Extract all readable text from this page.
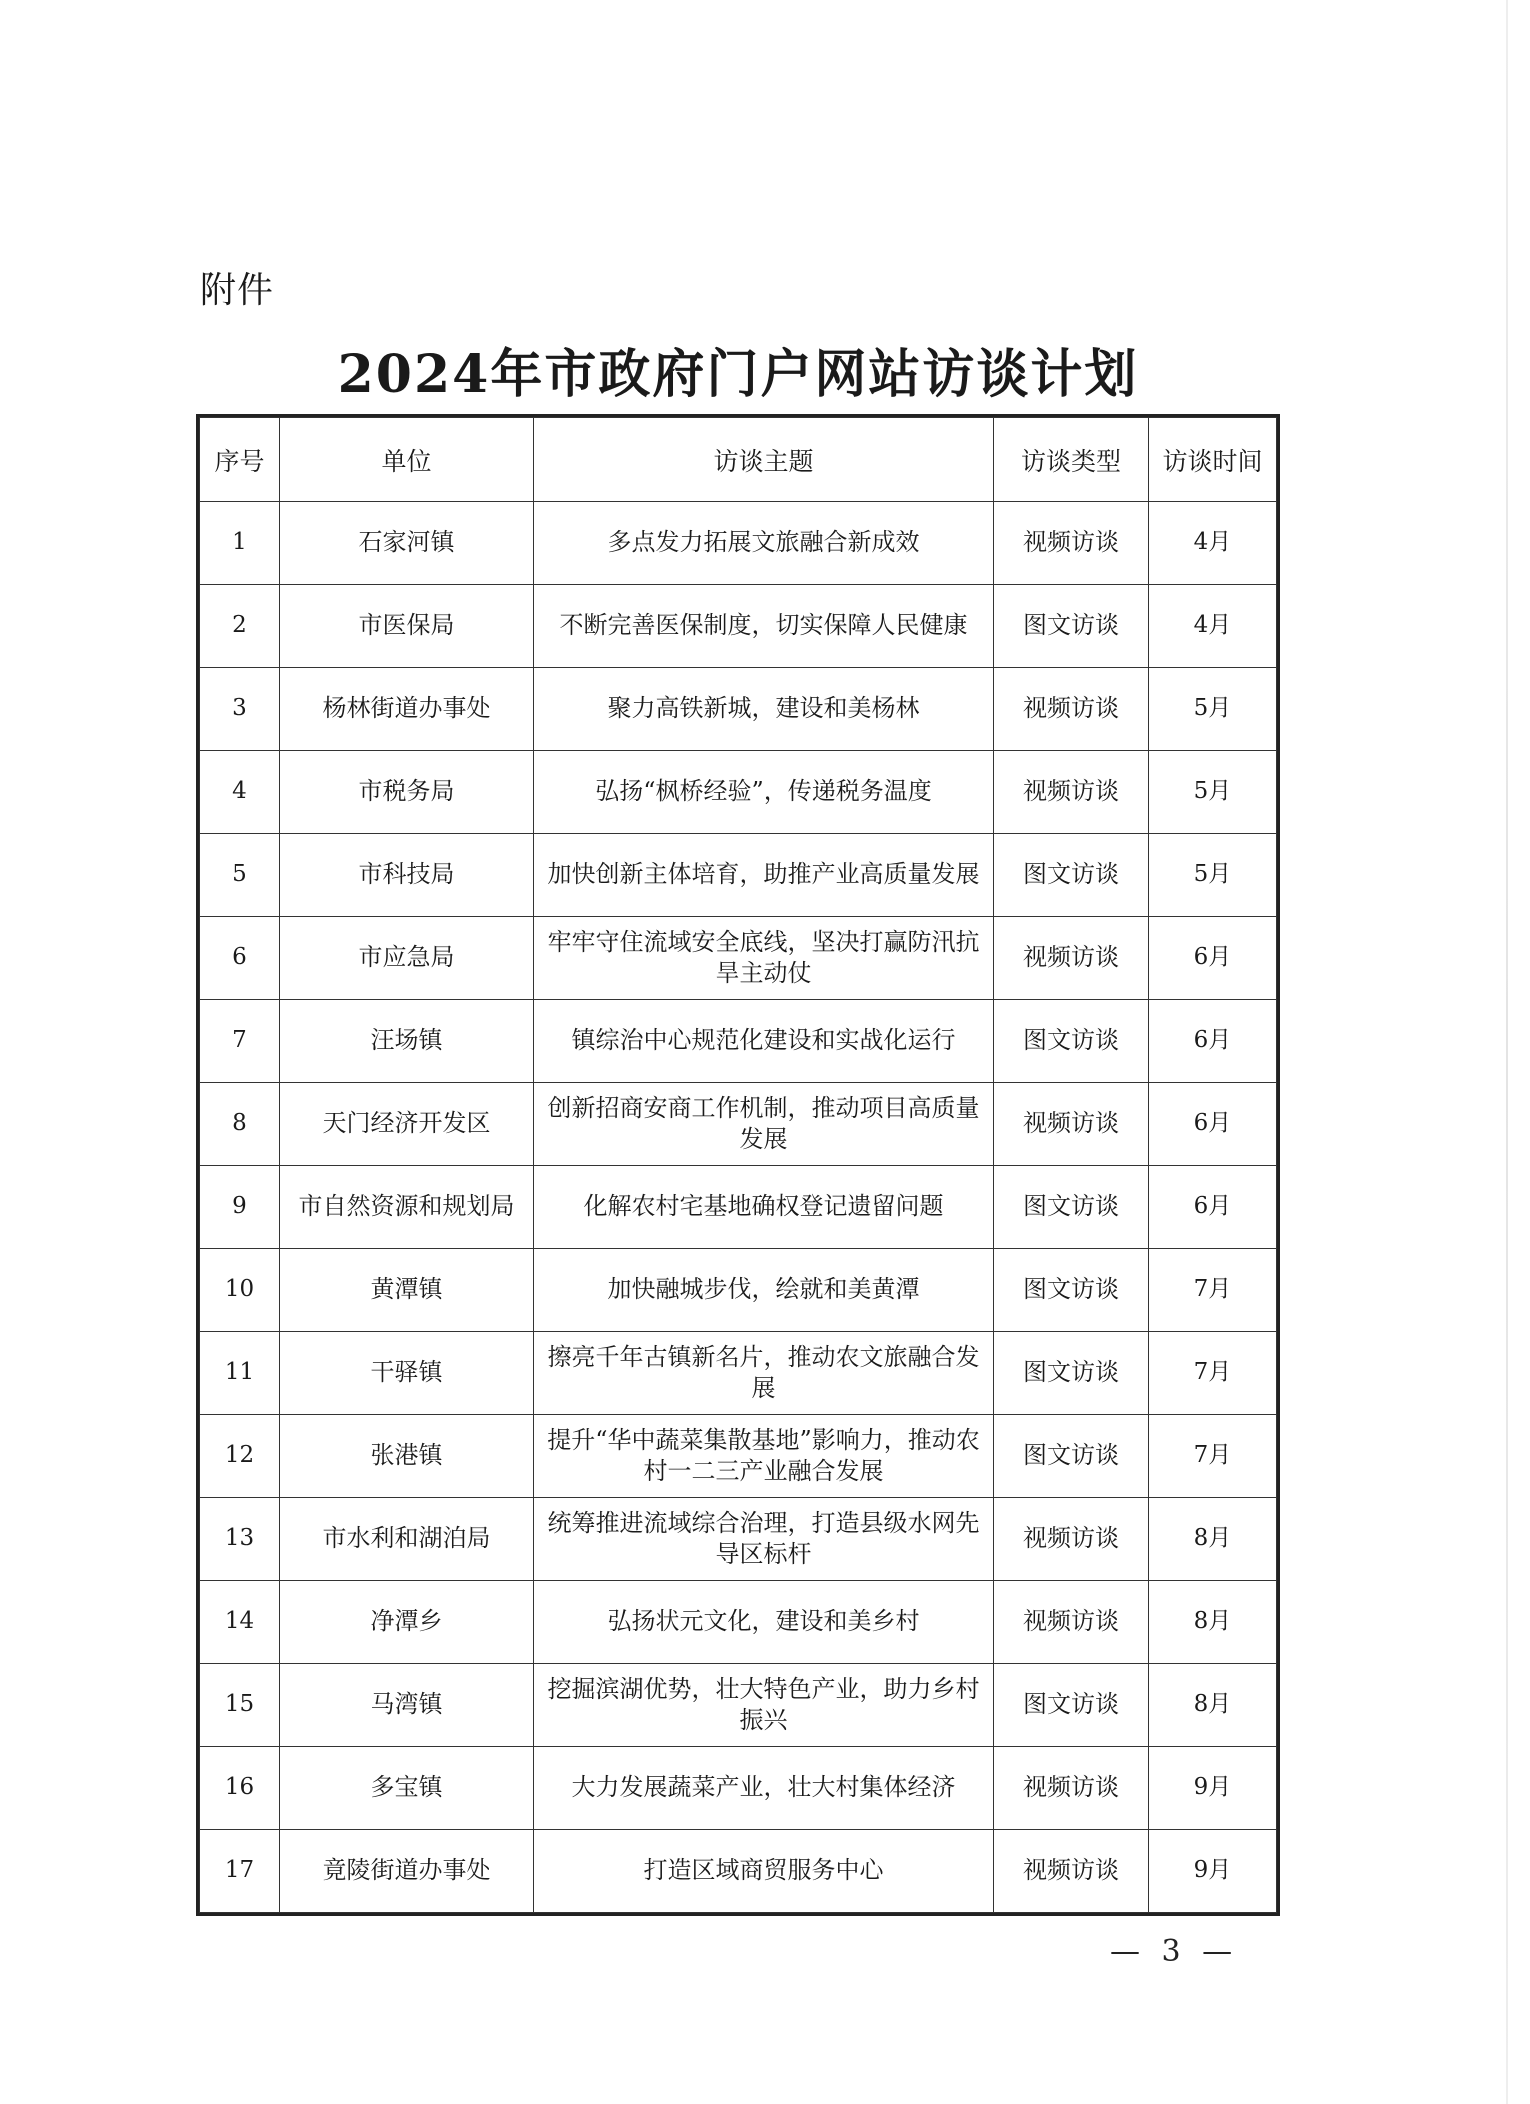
附件
2024年市政府门户网站访谈计划
序号	单位	访谈主题	访谈类型	访谈时间
1	石家河镇	多点发力拓展文旅融合新成效	视频访谈	4月
2	市医保局	不断完善医保制度，切实保障人民健康	图文访谈	4月
3	杨林街道办事处	聚力高铁新城，建设和美杨林	视频访谈	5月
4	市税务局	弘扬“枫桥经验”，传递税务温度	视频访谈	5月
5	市科技局	加快创新主体培育，助推产业高质量发展	图文访谈	5月
6	市应急局	牢牢守住流域安全底线，坚决打赢防汛抗旱主动仗	视频访谈	6月
7	汪场镇	镇综治中心规范化建设和实战化运行	图文访谈	6月
8	天门经济开发区	创新招商安商工作机制，推动项目高质量发展	视频访谈	6月
9	市自然资源和规划局	化解农村宅基地确权登记遗留问题	图文访谈	6月
10	黄潭镇	加快融城步伐，绘就和美黄潭	图文访谈	7月
11	干驿镇	擦亮千年古镇新名片，推动农文旅融合发展	图文访谈	7月
12	张港镇	提升“华中蔬菜集散基地”影响力，推动农村一二三产业融合发展	图文访谈	7月
13	市水利和湖泊局	统筹推进流域综合治理，打造县级水网先导区标杆	视频访谈	8月
14	净潭乡	弘扬状元文化，建设和美乡村	视频访谈	8月
15	马湾镇	挖掘滨湖优势，壮大特色产业，助力乡村振兴	图文访谈	8月
16	多宝镇	大力发展蔬菜产业，壮大村集体经济	视频访谈	9月
17	竟陵街道办事处	打造区域商贸服务中心	视频访谈	9月
— 3 —
